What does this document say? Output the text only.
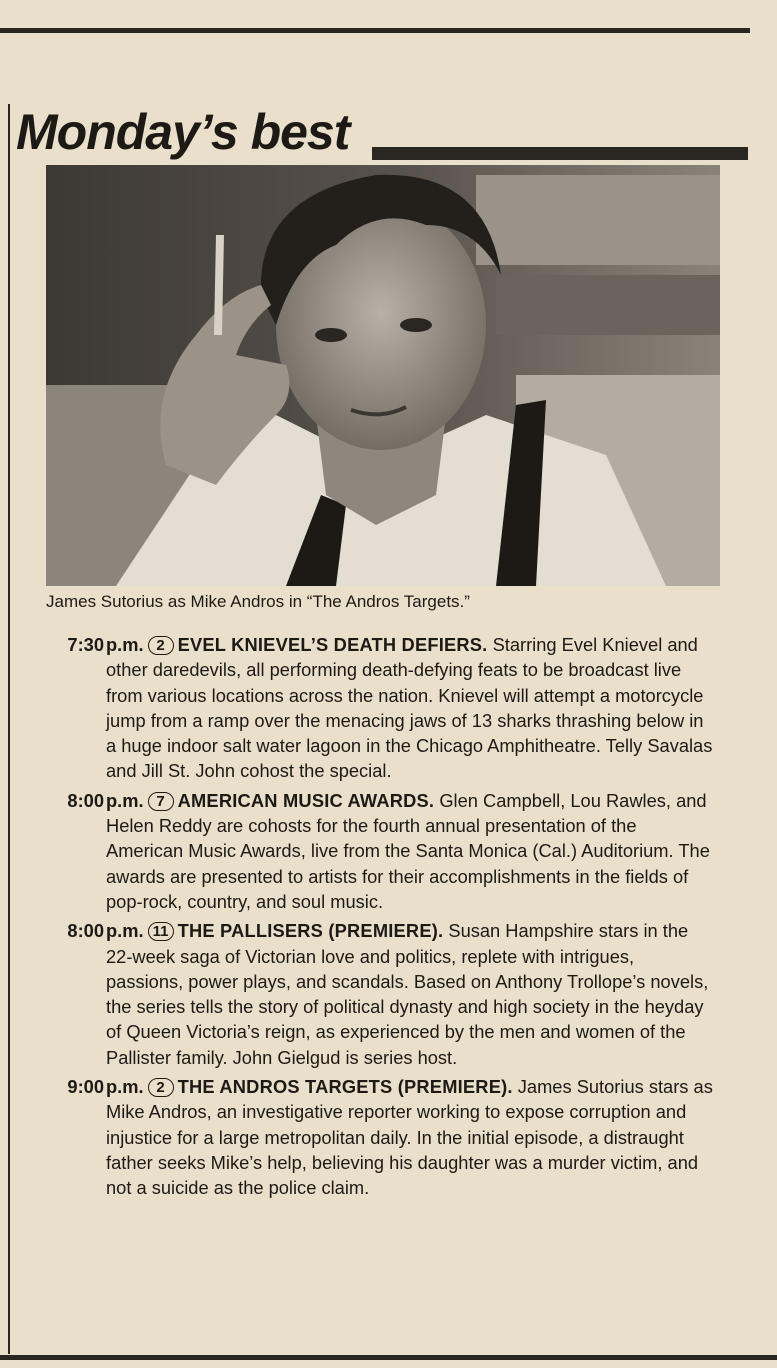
Monday’s best
James Sutorius as Mike Andros in “The Andros Targets.”
7:30 p.m. 2 EVEL KNIEVEL’S DEATH DEFIERS. Starring Evel Knievel and other daredevils, all performing death-defying feats to be broadcast live from various locations across the nation. Knievel will attempt a motorcycle jump from a ramp over the menacing jaws of 13 sharks thrashing below in a huge indoor salt water lagoon in the Chicago Amphitheatre. Telly Savalas and Jill St. John cohost the special.
8:00 p.m. 7 AMERICAN MUSIC AWARDS. Glen Campbell, Lou Rawles, and Helen Reddy are cohosts for the fourth annual presentation of the American Music Awards, live from the Santa Monica (Cal.) Auditorium. The awards are presented to artists for their accomplishments in the fields of pop-rock, country, and soul music.
8:00 p.m. 11 THE PALLISERS (PREMIERE). Susan Hampshire stars in the 22-week saga of Victorian love and politics, replete with intrigues, passions, power plays, and scandals. Based on Anthony Trollope’s novels, the series tells the story of political dynasty and high society in the heyday of Queen Victoria’s reign, as experienced by the men and women of the Pallister family. John Gielgud is series host.
9:00 p.m. 2 THE ANDROS TARGETS (PREMIERE). James Sutorius stars as Mike Andros, an investigative reporter working to expose corruption and injustice for a large metropolitan daily. In the initial episode, a distraught father seeks Mike’s help, believing his daughter was a murder victim, and not a suicide as the police claim.
